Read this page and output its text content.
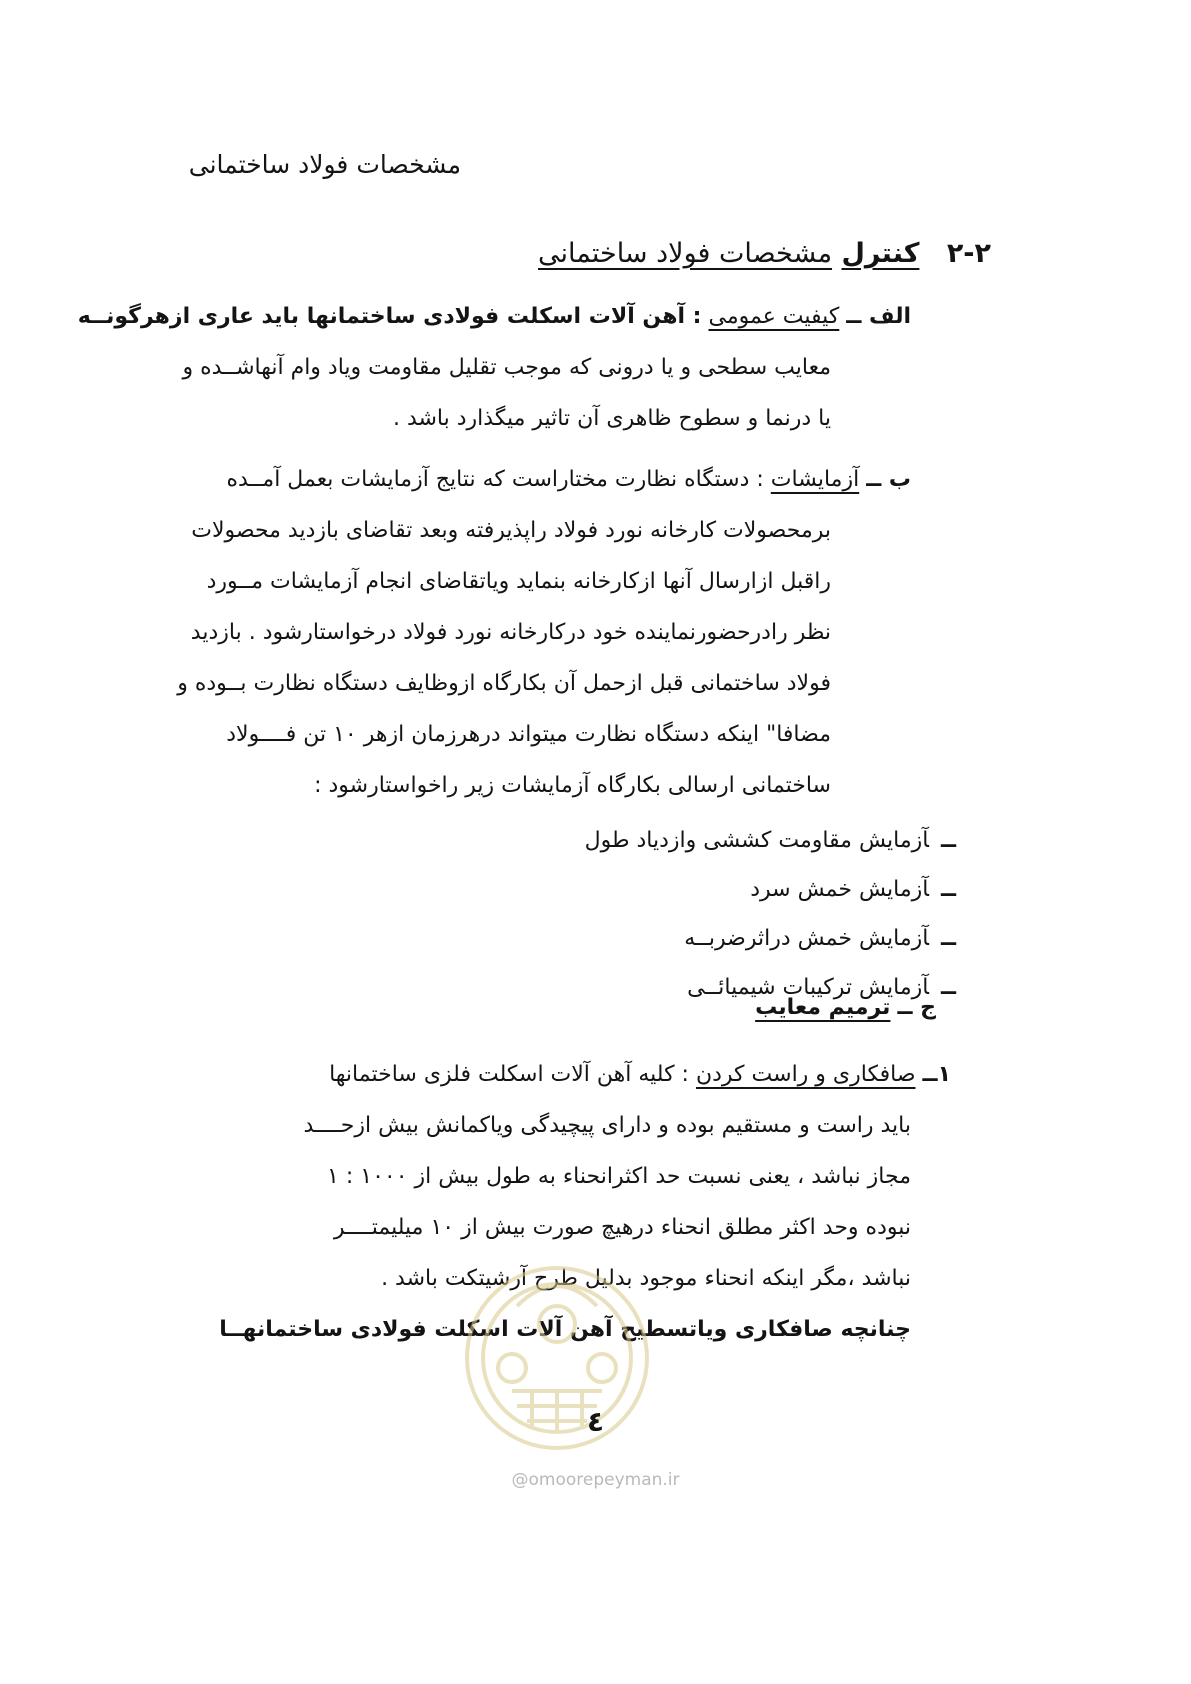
مشخصات فولاد ساختمانی
۲-۲ کنترل مشخصات فولاد ساختمانی
الف ــ کیفیت عمومی : آهن آلات اسکلت فولادی ساختمانها باید عاری ازهرگونــه
معایب سطحی و یا درونی که موجب تقلیل مقاومت ویاد وام آنهاشــده و
یا درنما و سطوح ظاهری آن تاثیر میگذارد باشد .
ب ــ آزمایشات : دستگاه نظارت مختاراست که نتایج آزمایشات بعمل آمــده
برمحصولات کارخانه نورد فولاد راپذیرفته وبعد تقاضای بازدید محصولات
راقبل ازارسال آنها ازکارخانه بنماید ویاتقاضای انجام آزمایشات مــورد
نظر رادرحضورنماینده خود درکارخانه نورد فولاد درخواستارشود . بازدید
فولاد ساختمانی قبل ازحمل آن بکارگاه ازوظایف دستگاه نظارت بــوده و
مضافا" اینکه دستگاه نظارت میتواند درهرزمان ازهر ۱۰ تن فــــولاد
ساختمانی ارسالی بکارگاه آزمایشات زیر راخواستارشود :
ــآزمایش مقاومت کششی وازدیاد طول
ــآزمایش خمش سرد
ــآزمایش خمش دراثرضربــه
ــآزمایش ترکیبات شیمیائــی
ج ــ ترمیم معایب
۱ــ صافکاری و راست کردن : کلیه آهن آلات اسکلت فلزی ساختمانها
باید راست و مستقیم بوده و دارای پیچیدگی ویاکمانش بیش ازحــــد
مجاز نباشد ، یعنی نسبت حد اکثرانحناء به طول بیش از ۱۰۰۰ : ۱
نبوده وحد اکثر مطلق انحناء درهیچ صورت بیش از ۱۰ میلیمتــــر
نباشد ،مگر اینکه انحناء موجود بدلیل طرح آرشیتکت باشد .
چنانچه صافکاری ویاتسطیح آهن آلات اسکلت فولادی ساختمانهــا
٤
@omoorepeyman.ir
